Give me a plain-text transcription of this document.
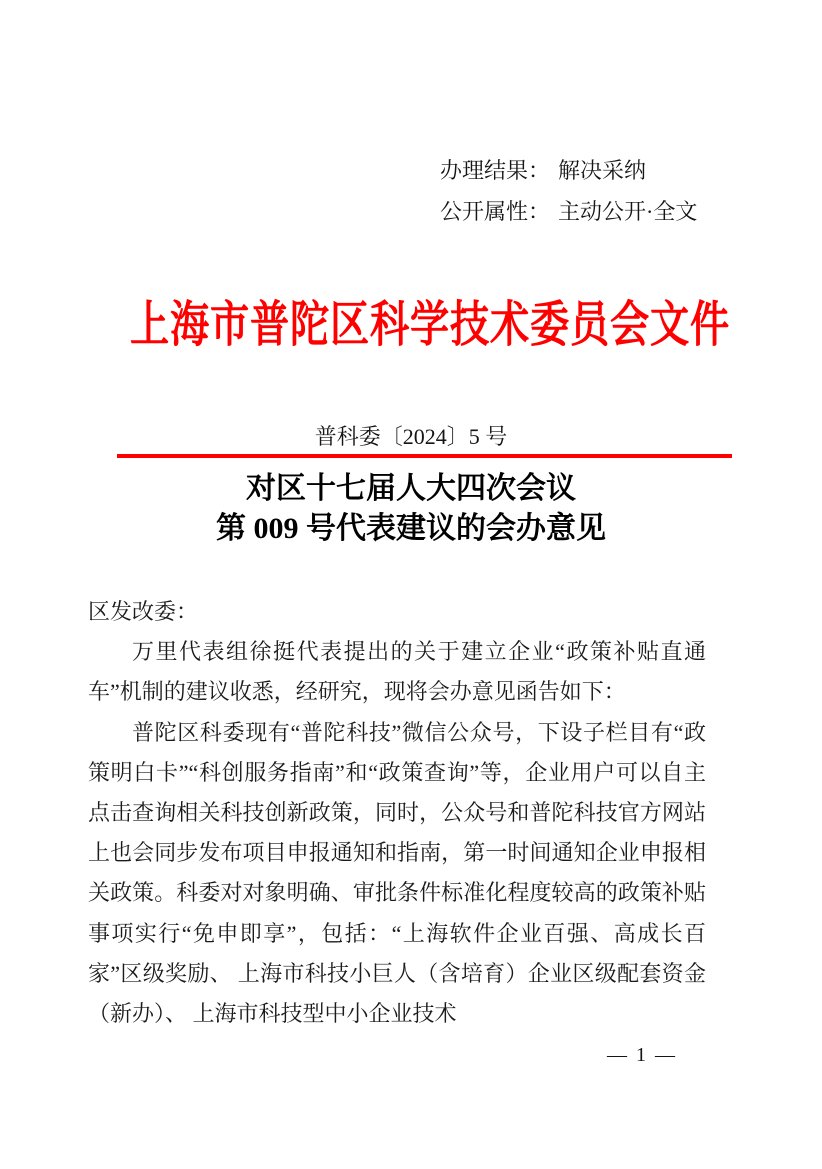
办理结果： 解决采纳
公开属性： 主动公开·全文
上海市普陀区科学技术委员会文件
普科委〔2024〕5 号
对区十七届人大四次会议
第 009 号代表建议的会办意见

区发改委：

万里代表组徐挺代表提出的关于建立企业“政策补贴直通车”机制的建议收悉，经研究，现将会办意见函告如下：

普陀区科委现有“普陀科技”微信公众号，下设子栏目有“政策明白卡”“科创服务指南”和“政策查询”等，企业用户可以自主点击查询相关科技创新政策，同时，公众号和普陀科技官方网站上也会同步发布项目申报通知和指南，第一时间通知企业申报相关政策。科委对对象明确、审批条件标准化程度较高的政策补贴事项实行“免申即享”，包括：“上海软件企业百强、高成长百家”区级奖励、 上海市科技小巨人（含培育）企业区级配套资金（新办）、 上海市科技型中小企业技术

— 1 —
